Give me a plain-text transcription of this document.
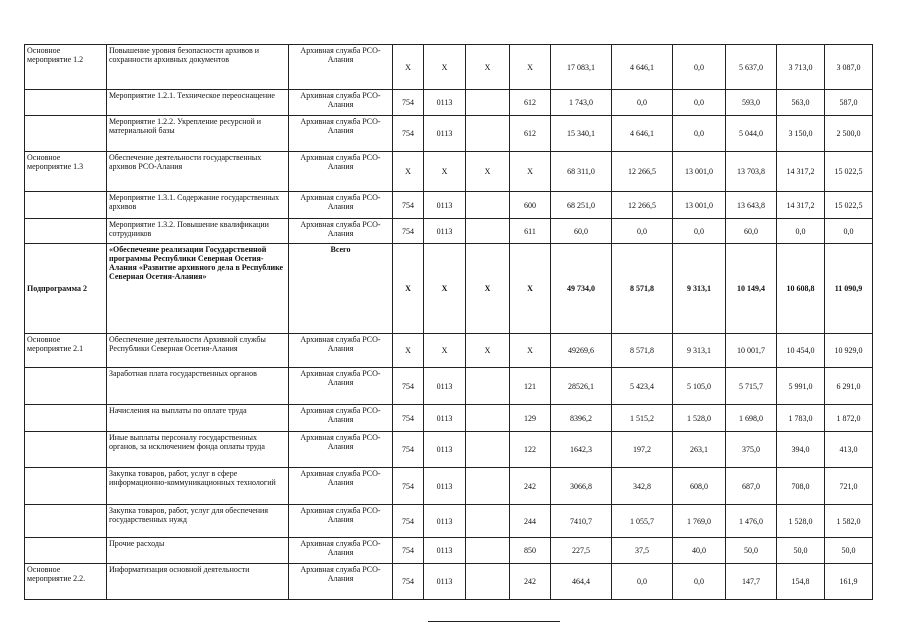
Основное мероприятие 1.2	Повышение уровня безопасности архивов и сохранности архивных документов	Архивная служба РСО-Алания	X	X	X	X	17 083,1	4 646,1	0,0	5 637,0	3 713,0	3 087,0
	Мероприятие 1.2.1. Техническое переоснащение	Архивная служба РСО-Алания	754	0113		612	1 743,0	0,0	0,0	593,0	563,0	587,0
	Мероприятие 1.2.2. Укрепление ресурсной и материальной базы	Архивная служба РСО-Алания	754	0113		612	15 340,1	4 646,1	0,0	5 044,0	3 150,0	2 500,0
Основное мероприятие 1.3	Обеспечение деятельности государственных архивов РСО-Алания	Архивная служба РСО-Алания	X	X	X	X	68 311,0	12 266,5	13 001,0	13 703,8	14 317,2	15 022,5
	Мероприятие 1.3.1. Содержание государственных архивов	Архивная служба РСО-Алания	754	0113		600	68 251,0	12 266,5	13 001,0	13 643,8	14 317,2	15 022,5
	Мероприятие 1.3.2. Повышение квалификации сотрудников	Архивная служба РСО-Алания	754	0113		611	60,0	0,0	0,0	60,0	0,0	0,0
Подпрограмма 2	«Обеспечение реализации Государственной программы Республики Северная Осетия-Алания «Развитие архивного дела в Республике Северная Осетия-Алания»	Всего	X	X	X	X	49 734,0	8 571,8	9 313,1	10 149,4	10 608,8	11 090,9
Основное мероприятие 2.1	Обеспечение деятельности Архивной службы Республики Северная Осетия-Алания	Архивная служба РСО-Алания	X	X	X	X	49269,6	8 571,8	9 313,1	10 001,7	10 454,0	10 929,0
	Заработная плата государственных органов	Архивная служба РСО-Алания	754	0113		121	28526,1	5 423,4	5 105,0	5 715,7	5 991,0	6 291,0
	Начисления на выплаты по оплате труда	Архивная служба РСО-Алания	754	0113		129	8396,2	1 515,2	1 528,0	1 698,0	1 783,0	1 872,0
	Иные выплаты персоналу государственных органов, за исключением фонда оплаты труда	Архивная служба РСО-Алания	754	0113		122	1642,3	197,2	263,1	375,0	394,0	413,0
	Закупка товаров, работ, услуг в сфере информационно-коммуникационных технологий	Архивная служба РСО-Алания	754	0113		242	3066,8	342,8	608,0	687,0	708,0	721,0
	Закупка товаров, работ, услуг для обеспечения государственных нужд	Архивная служба РСО-Алания	754	0113		244	7410,7	1 055,7	1 769,0	1 476,0	1 528,0	1 582,0
	Прочие расходы	Архивная служба РСО-Алания	754	0113		850	227,5	37,5	40,0	50,0	50,0	50,0
Основное мероприятие 2.2.	Информатизация основной деятельности	Архивная служба РСО-Алания	754	0113		242	464,4	0,0	0,0	147,7	154,8	161,9
